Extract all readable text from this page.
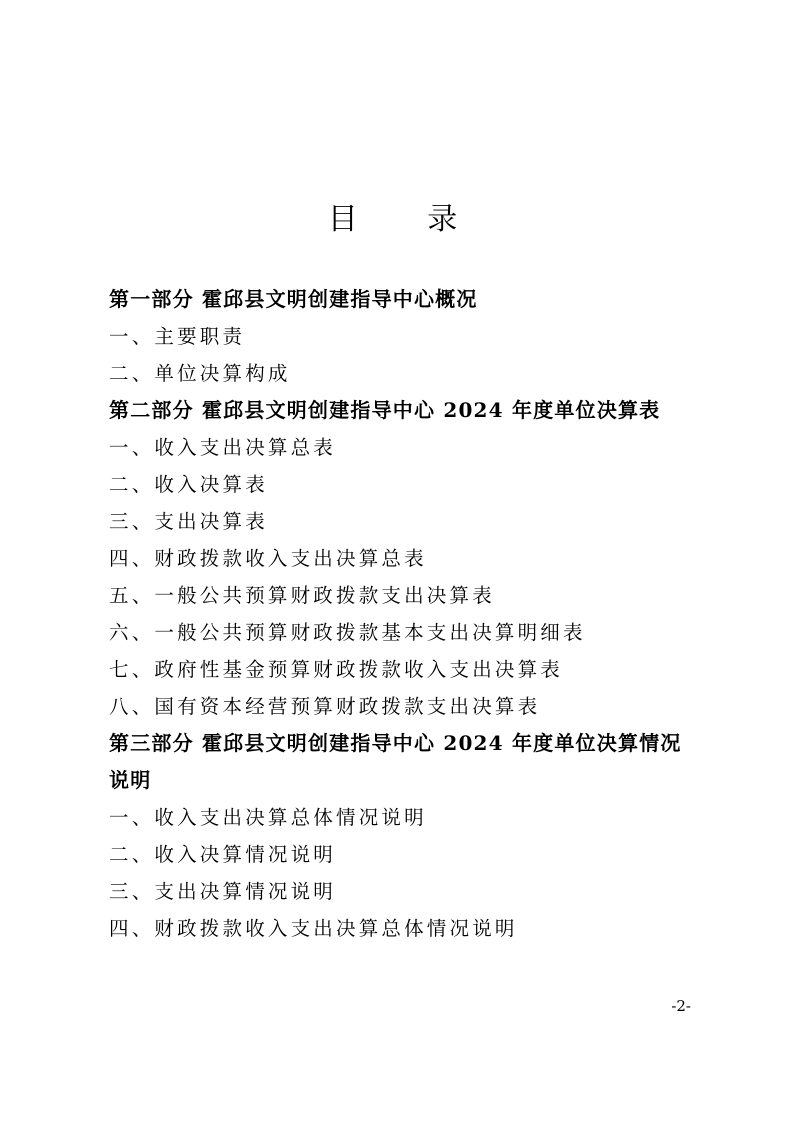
目 录
第一部分 霍邱县文明创建指导中心概况
一、主要职责
二、单位决算构成
第二部分 霍邱县文明创建指导中心 2024 年度单位决算表
一、收入支出决算总表
二、收入决算表
三、支出决算表
四、财政拨款收入支出决算总表
五、一般公共预算财政拨款支出决算表
六、一般公共预算财政拨款基本支出决算明细表
七、政府性基金预算财政拨款收入支出决算表
八、国有资本经营预算财政拨款支出决算表
第三部分 霍邱县文明创建指导中心 2024 年度单位决算情况说明
一、收入支出决算总体情况说明
二、收入决算情况说明
三、支出决算情况说明
四、财政拨款收入支出决算总体情况说明
-2-
